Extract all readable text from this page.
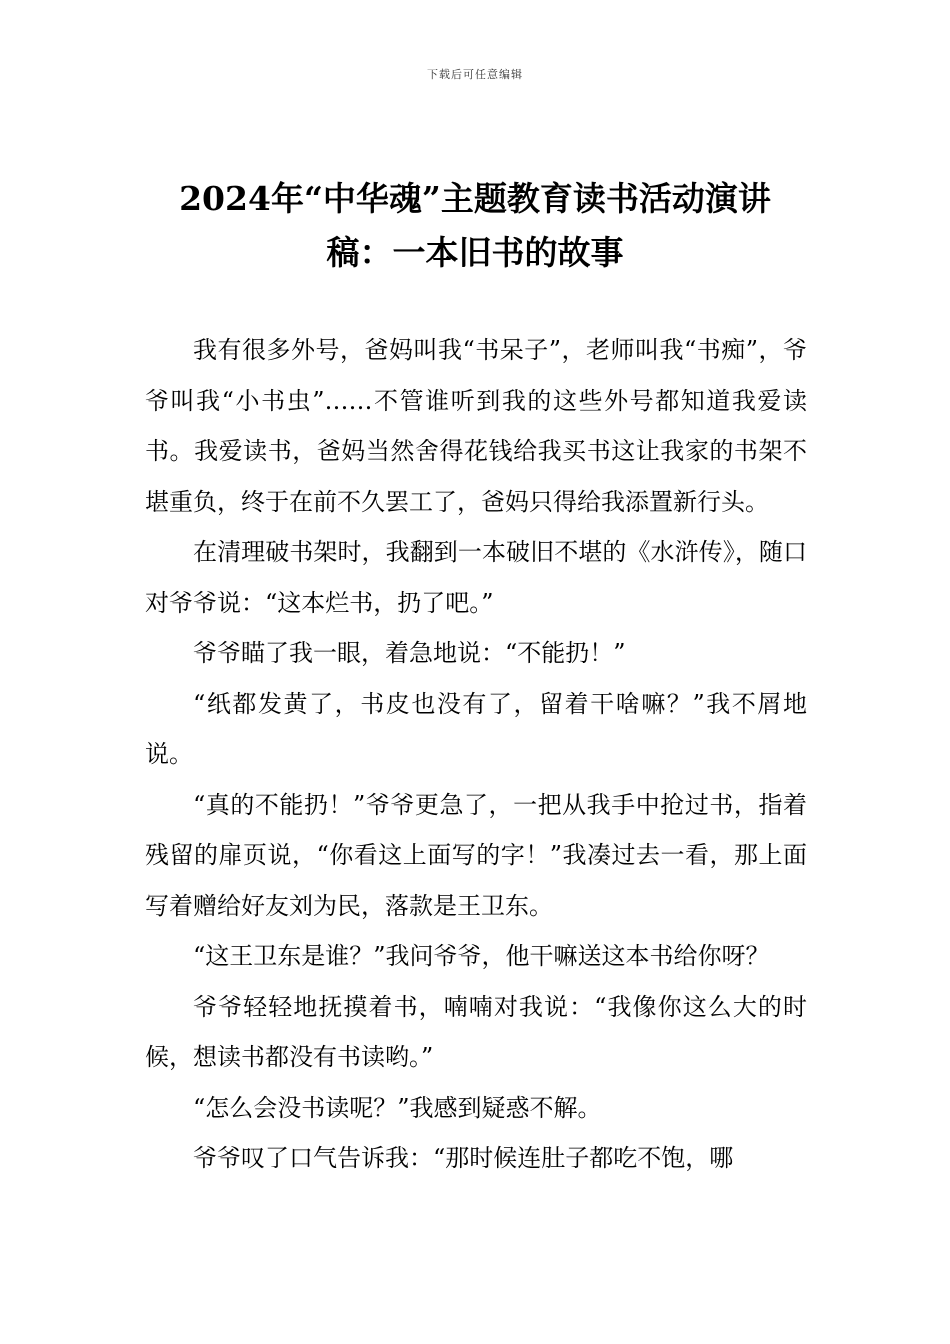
下载后可任意编辑
2024年“中华魂”主题教育读书活动演讲
稿：一本旧书的故事

我有很多外号，爸妈叫我“书呆子”，老师叫我“书痴”，爷爷叫我“小书虫”……不管谁听到我的这些外号都知道我爱读书。我爱读书，爸妈当然舍得花钱给我买书这让我家的书架不堪重负，终于在前不久罢工了，爸妈只得给我添置新行头。

在清理破书架时，我翻到一本破旧不堪的《水浒传》，随口对爷爷说：“这本烂书，扔了吧。”

爷爷瞄了我一眼，着急地说：“不能扔！”

“纸都发黄了，书皮也没有了，留着干啥嘛？”我不屑地说。

“真的不能扔！”爷爷更急了，一把从我手中抢过书，指着残留的扉页说，“你看这上面写的字！”我凑过去一看，那上面写着赠给好友刘为民，落款是王卫东。

“这王卫东是谁？”我问爷爷，他干嘛送这本书给你呀？

爷爷轻轻地抚摸着书，喃喃对我说：“我像你这么大的时候，想读书都没有书读哟。”

“怎么会没书读呢？”我感到疑惑不解。

爷爷叹了口气告诉我：“那时候连肚子都吃不饱，哪
